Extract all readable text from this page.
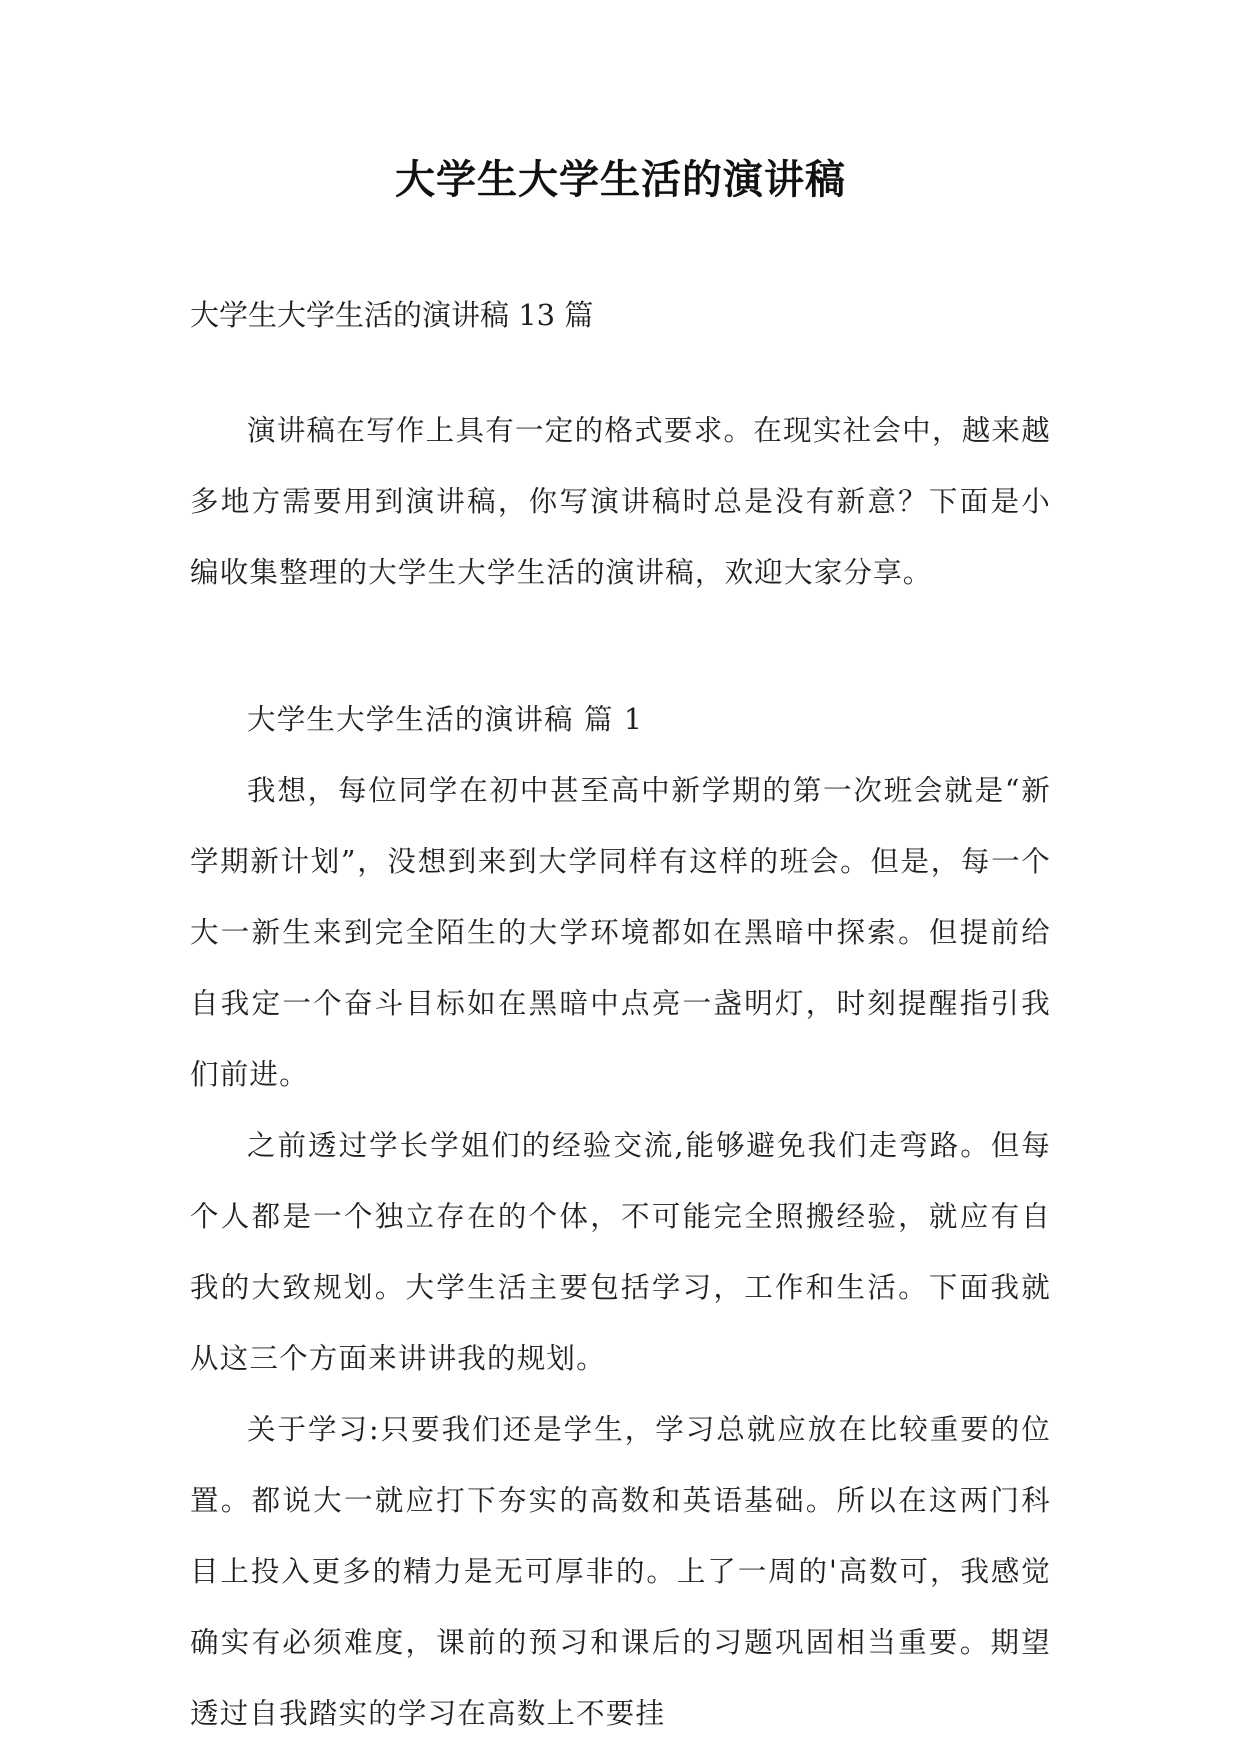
大学生大学生活的演讲稿

大学生大学生活的演讲稿 13 篇

演讲稿在写作上具有一定的格式要求。在现实社会中，越来越多地方需要用到演讲稿，你写演讲稿时总是没有新意？下面是小编收集整理的大学生大学生活的演讲稿，欢迎大家分享。

大学生大学生活的演讲稿 篇 1

我想，每位同学在初中甚至高中新学期的第一次班会就是“新学期新计划”，没想到来到大学同样有这样的班会。但是，每一个大一新生来到完全陌生的大学环境都如在黑暗中探索。但提前给自我定一个奋斗目标如在黑暗中点亮一盏明灯，时刻提醒指引我们前进。

之前透过学长学姐们的经验交流,能够避免我们走弯路。但每个人都是一个独立存在的个体，不可能完全照搬经验，就应有自我的大致规划。大学生活主要包括学习，工作和生活。下面我就从这三个方面来讲讲我的规划。

关于学习:只要我们还是学生，学习总就应放在比较重要的位置。都说大一就应打下夯实的高数和英语基础。所以在这两门科目上投入更多的精力是无可厚非的。上了一周的'高数可，我感觉确实有必须难度，课前的预习和课后的习题巩固相当重要。期望透过自我踏实的学习在高数上不要挂
